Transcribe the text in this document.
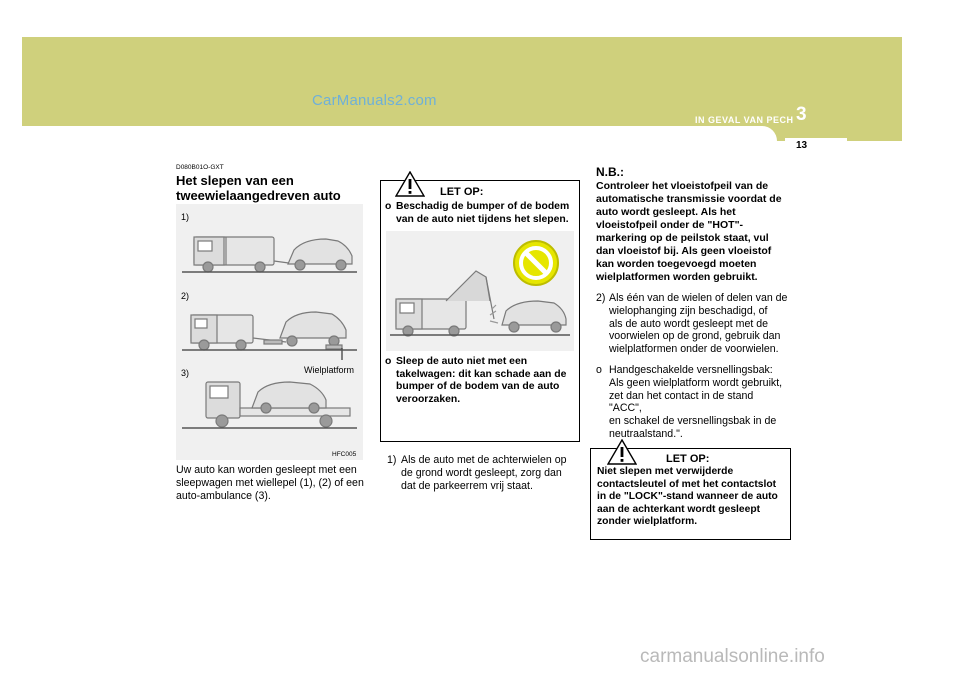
CarManuals2.com
IN GEVAL VAN PECH 3
13
D080B01O-GXT
Het slepen van een
tweewielaangedreven auto
1)
2)
3)	Wielplatform
HFC005
Uw auto kan worden gesleept met een
sleepwagen met wiellepel (1), (2) of een
auto-ambulance (3).
LET OP:
o Beschadig de bumper of de bodem
van de auto niet tijdens het slepen.
o Sleep de auto niet met een
takelwagen: dit kan schade aan de
bumper of de bodem van de auto
veroorzaken.
1) Als de auto met de achterwielen op
de grond wordt gesleept, zorg dan
dat de parkeerrem vrij staat.
N.B.:
Controleer het vloeistofpeil van de
automatische transmissie voordat de
auto wordt gesleept. Als het
vloeistofpeil onder de "HOT"-
markering op de peilstok staat, vul
dan vloeistof bij. Als geen vloeistof
kan worden toegevoegd moeten
wielplatformen worden gebruikt.
2) Als één van de wielen of delen van de
wielophanging zijn beschadigd, of
als de auto wordt gesleept met de
voorwielen op de grond, gebruik dan
wielplatformen onder de voorwielen.
o Handgeschakelde versnellingsbak:
Als geen wielplatform wordt gebruikt,
zet dan het contact in de stand "ACC",
en schakel de versnellingsbak in de
neutraalstand.".
LET OP:
Niet slepen met verwijderde
contactsleutel of met het contactslot
in de "LOCK"-stand wanneer de auto
aan de achterkant wordt gesleept
zonder wielplatform.
carmanualsonline.info
